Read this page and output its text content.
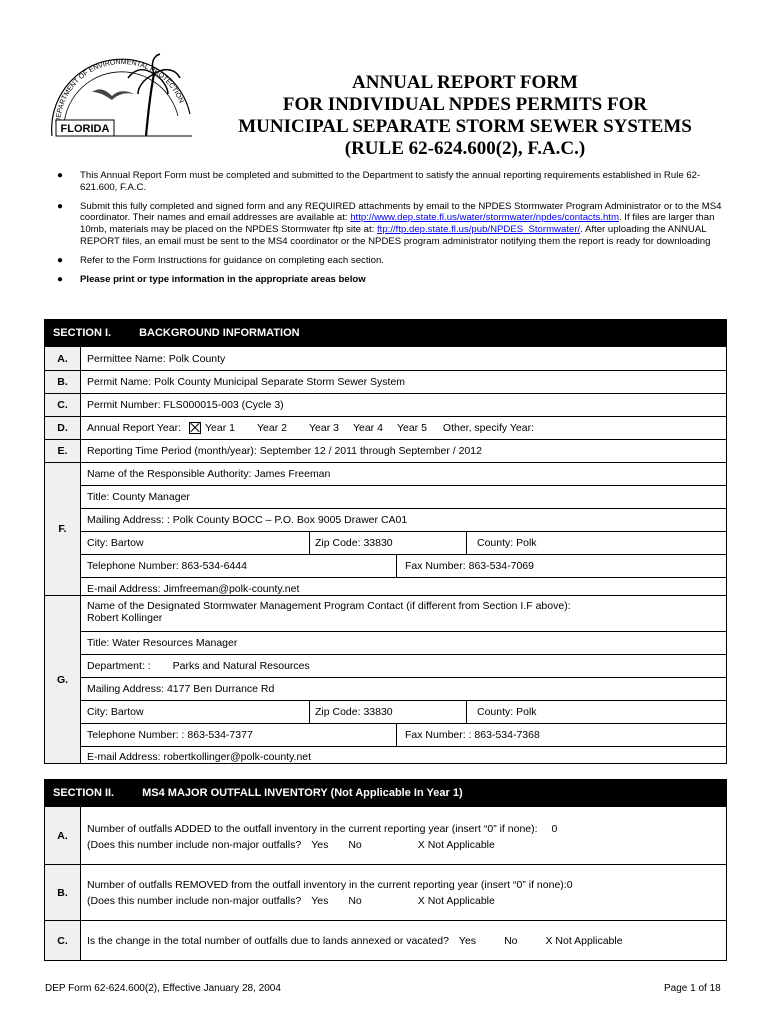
EPARTMENT OF ENVIRONMENTAL PROTECTION
FLORIDA
ANNUAL REPORT FORM
FOR INDIVIDUAL NPDES PERMITS FOR
MUNICIPAL SEPARATE STORM SEWER SYSTEMS
(RULE 62-624.600(2), F.A.C.)
● This Annual Report Form must be completed and submitted to the Department to satisfy the annual reporting requirements established in Rule 62-621.600, F.A.C.
● Submit this fully completed and signed form and any REQUIRED attachments by email to the NPDES Stormwater Program Administrator or to the MS4 coordinator. Their names and email addresses are available at: http://www.dep.state.fl.us/water/stormwater/npdes/contacts.htm. If files are larger than 10mb, materials may be placed on the NPDES Stormwater ftp site at: ftp://ftp.dep.state.fl.us/pub/NPDES_Stormwater/. After uploading the ANNUAL REPORT files, an email must be sent to the MS4 coordinator or the NPDES program administrator notifying them the report is ready for downloading
● Refer to the Form Instructions for guidance on completing each section.
● Please print or type information in the appropriate areas below
SECTION I.	BACKGROUND INFORMATION
A.	Permittee Name: Polk County
B.	Permit Name: Polk County Municipal Separate Storm Sewer System
C.	Permit Number: FLS000015-003 (Cycle 3)
D.	Annual Report Year: Year 1 Year 2 Year 3 Year 4 Year 5 Other, specify Year:
E.	Reporting Time Period (month/year): September 12 / 2011 through September / 2012
F.
Name of the Responsible Authority: James Freeman
Title: County Manager
Mailing Address: : Polk County BOCC – P.O. Box 9005 Drawer CA01
City: Bartow	Zip Code: 33830	County: Polk
Telephone Number: 863-534-6444	Fax Number: 863-534-7069
E-mail Address: Jimfreeman@polk-county.net
G.
Name of the Designated Stormwater Management Program Contact (if different from Section I.F above):
Robert Kollinger
Title: Water Resources Manager
Department: : Parks and Natural Resources
Mailing Address: 4177 Ben Durrance Rd
City: Bartow	Zip Code: 33830	County: Polk
Telephone Number: : 863-534-7377	Fax Number: : 863-534-7368
E-mail Address: robertkollinger@polk-county.net
SECTION II.	MS4 MAJOR OUTFALL INVENTORY (Not Applicable In Year 1)
A.
Number of outfalls ADDED to the outfall inventory in the current reporting year (insert “0” if none): 0
(Does this number include non-major outfalls? Yes No	X Not Applicable
B.
Number of outfalls REMOVED from the outfall inventory in the current reporting year (insert “0” if none):0
(Does this number include non-major outfalls? Yes No	X Not Applicable
C.	Is the change in the total number of outfalls due to lands annexed or vacated? Yes	No	X Not Applicable
DEP Form 62-624.600(2), Effective January 28, 2004	Page 1 of 18
